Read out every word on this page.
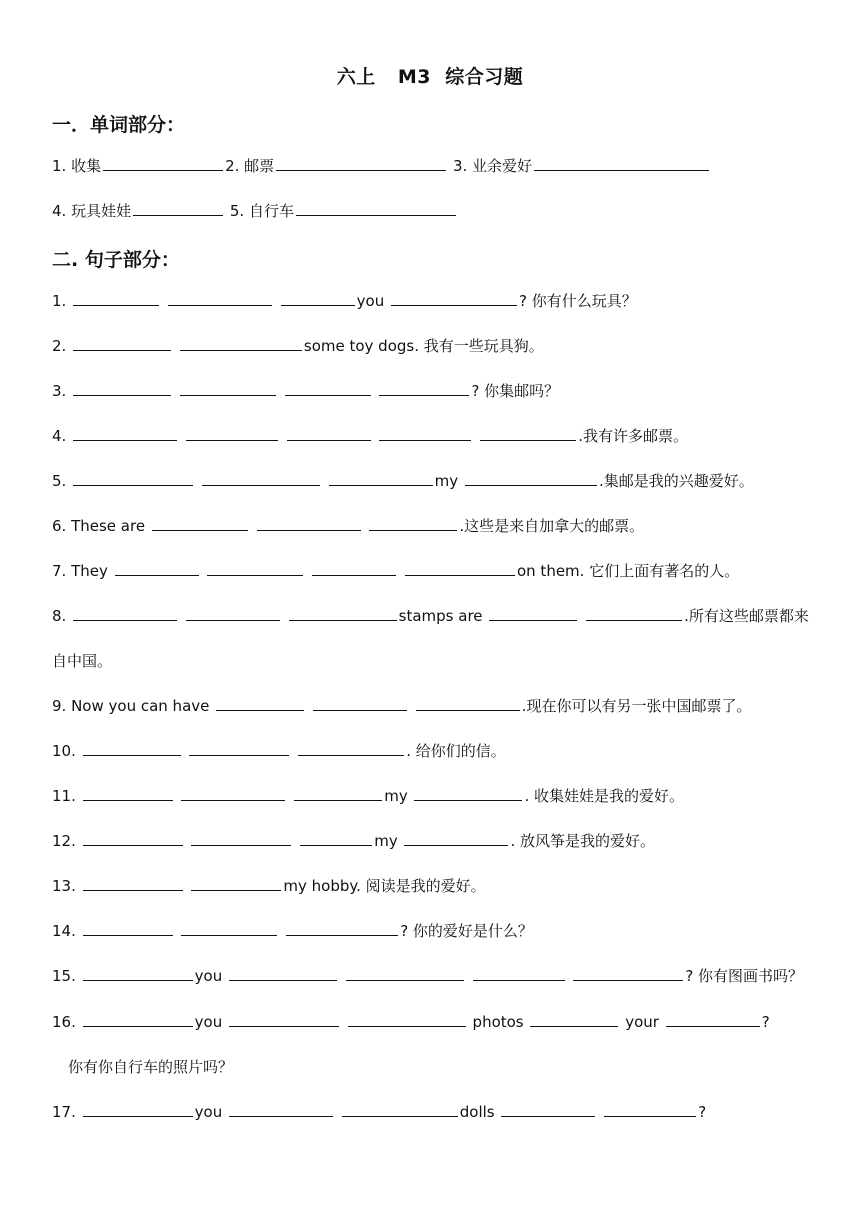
六上 M3 综合习题
一．单词部分：
1. 收集	2. 邮票	3. 业余爱好
4. 玩具娃娃	5. 自行车
二. 句子部分：
1.	you	? 你有什么玩具？
2.	some toy dogs. 我有一些玩具狗。
3.	? 你集邮吗？
4.	.我有许多邮票。
5.	my	.集邮是我的兴趣爱好。
6. These are	.这些是来自加拿大的邮票。
7. They	on them. 它们上面有著名的人。
8.	stamps are	.所有这些邮票都来
自中国。
9. Now you can have	.现在你可以有另一张中国邮票了。
10.	. 给你们的信。
11.	my	. 收集娃娃是我的爱好。
12.	my	. 放风筝是我的爱好。
13.	my hobby. 阅读是我的爱好。
14.	? 你的爱好是什么？
15.	you	? 你有图画书吗？
16.	you	photos	your	?
你有你自行车的照片吗？
17.	you	dolls	?
